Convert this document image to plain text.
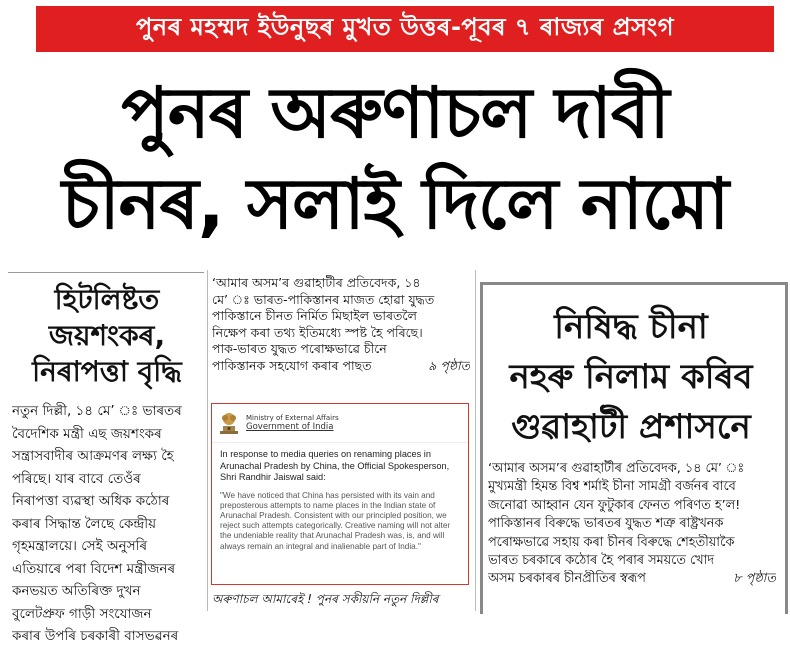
পুনৰ মহম্মদ ইউনুছৰ মুখত উত্তৰ-পূবৰ ৭ ৰাজ্যৰ প্ৰসংগ
পুনৰ অৰুণাচল দাবী
চীনৰ, সলাই দিলে নামো
হিটলিষ্টত
জয়শংকৰ,
নিৰাপত্তা বৃদ্ধি
নতুন দিল্লী, ১৪ মে’ ঃ ভাৰতৰ
বৈদেশিক মন্ত্ৰী এছ জয়শংকৰ
সন্ত্ৰাসবাদীৰ আক্ৰমণৰ লক্ষ্য হৈ
পৰিছে। যাৰ বাবে তেওঁৰ
নিৰাপত্তা ব্যৱস্থা অধিক কঠোৰ
কৰাৰ সিদ্ধান্ত লৈছে কেন্দ্ৰীয়
গৃহমন্ত্ৰালয়ে। সেই অনুসৰি
এতিয়াৰে পৰা বিদেশ মন্ত্ৰীজনৰ
কনভয়ত অতিৰিক্ত দুখন
বুলেটপ্ৰুফ গাড়ী সংযোজন
কৰাৰ উপৰি চৰকাৰী বাসভৱনৰ
‘আমাৰ অসম’ৰ গুৱাহাটীৰ প্ৰতিবেদক, ১৪
মে’ ঃ ভাৰত-পাকিস্তানৰ মাজত হোৱা যুদ্ধত
পাকিস্তানে চীনত নিৰ্মিত মিছাইল ভাৰতলৈ
নিক্ষেপ কৰা তথ্য ইতিমধ্যে স্পষ্ট হৈ পৰিছে।
পাক-ভাৰত যুদ্ধত পৰোক্ষভাৱে চীনে
পাকিস্তানক সহযোগ কৰাৰ পাছত	৯ পৃষ্ঠাত
Ministry of External Affairs
Government of India

In response to media queries on renaming places in Arunachal Pradesh by China, the Official Spokesperson, Shri Randhir Jaiswal said:

"We have noticed that China has persisted with its vain and preposterous attempts to name places in the Indian state of Arunachal Pradesh. Consistent with our principled position, we reject such attempts categorically. Creative naming will not alter the undeniable reality that Arunachal Pradesh was, is, and will always remain an integral and inalienable part of India."

অৰুণাচল আমাৰেই ! পুনৰ সকীয়নি নতুন দিল্লীৰ
নিষিদ্ধ চীনা
নহৰু নিলাম কৰিব
গুৱাহাটী প্ৰশাসনে
‘আমাৰ অসম’ৰ গুৱাহাটীৰ প্ৰতিবেদক, ১৪ মে’ ঃ
মুখ্যমন্ত্ৰী হিমন্ত বিশ্ব শৰ্মাই চীনা সামগ্ৰী বৰ্জনৰ বাবে
জনোৱা আহ্বান যেন ফুটুকাৰ ফেনত পৰিণত হ’ল!
পাকিস্তানৰ বিৰুদ্ধে ভাৰতৰ যুদ্ধত শত্ৰু ৰাষ্ট্ৰখনক
পৰোক্ষভাৱে সহায় কৰা চীনৰ বিৰুদ্ধে শেহতীয়াকৈ
ভাৰত চৰকাৰে কঠোৰ হৈ পৰাৰ সময়তে খোদ
অসম চৰকাৰৰ চীনপ্ৰীতিৰ স্বৰূপ	৮ পৃষ্ঠাত
